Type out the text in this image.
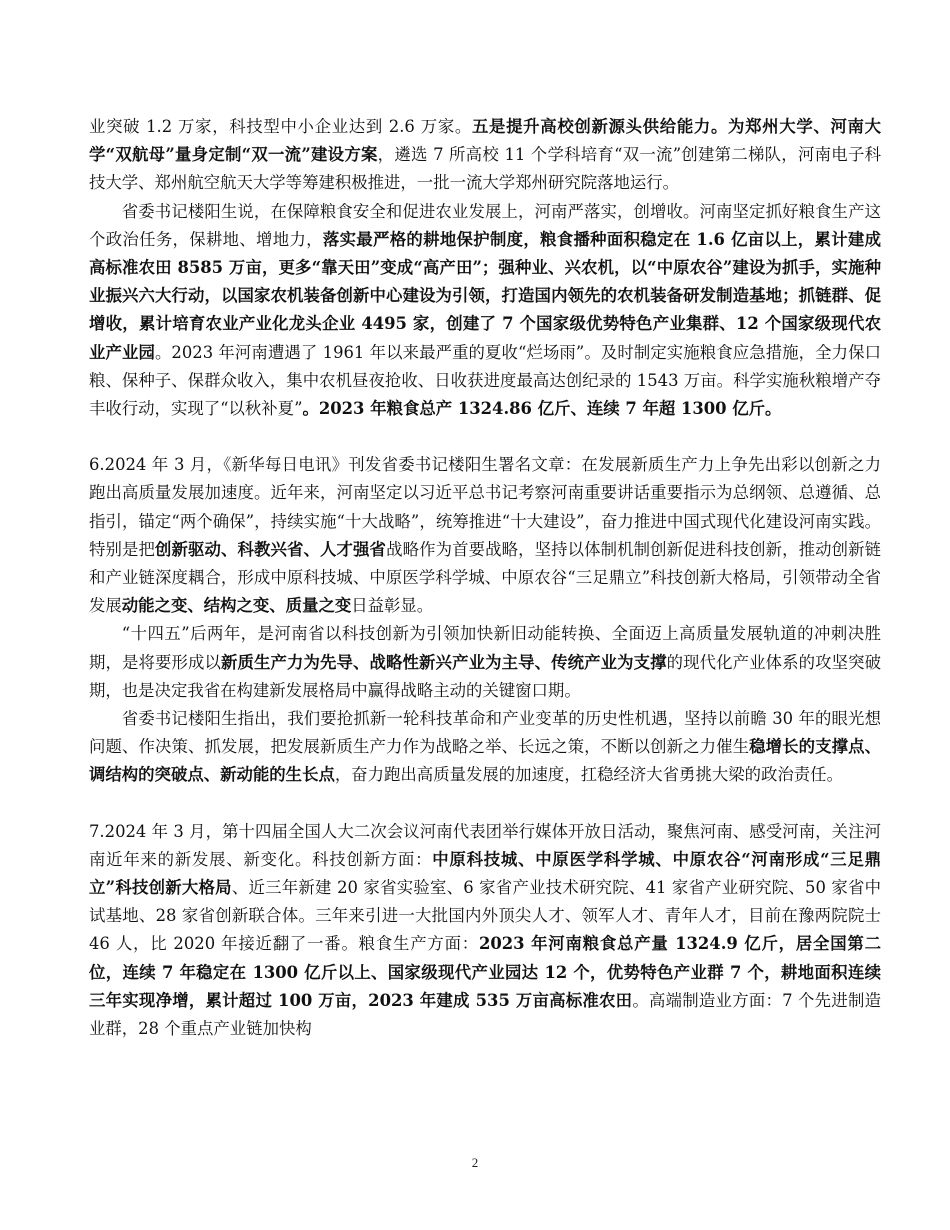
业突破 1.2 万家，科技型中小企业达到 2.6 万家。五是提升高校创新源头供给能力。为郑州大学、河南大学“双航母”量身定制“双一流”建设方案，遴选 7 所高校 11 个学科培育“双一流”创建第二梯队，河南电子科技大学、郑州航空航天大学等筹建积极推进，一批一流大学郑州研究院落地运行。

省委书记楼阳生说，在保障粮食安全和促进农业发展上，河南严落实，创增收。河南坚定抓好粮食生产这个政治任务，保耕地、增地力，落实最严格的耕地保护制度，粮食播种面积稳定在 1.6 亿亩以上，累计建成高标准农田 8585 万亩，更多“靠天田”变成“高产田”；强种业、兴农机，以“中原农谷”建设为抓手，实施种业振兴六大行动，以国家农机装备创新中心建设为引领，打造国内领先的农机装备研发制造基地；抓链群、促增收，累计培育农业产业化龙头企业 4495 家，创建了 7 个国家级优势特色产业集群、12 个国家级现代农业产业园。2023 年河南遭遇了 1961 年以来最严重的夏收“烂场雨”。及时制定实施粮食应急措施，全力保口粮、保种子、保群众收入，集中农机昼夜抢收、日收获进度最高达创纪录的 1543 万亩。科学实施秋粮增产夺丰收行动，实现了“以秋补夏”。2023 年粮食总产 1324.86 亿斤、连续 7 年超 1300 亿斤。

6.2024 年 3 月，《新华每日电讯》刊发省委书记楼阳生署名文章：在发展新质生产力上争先出彩以创新之力跑出高质量发展加速度。近年来，河南坚定以习近平总书记考察河南重要讲话重要指示为总纲领、总遵循、总指引，锚定“两个确保”，持续实施“十大战略”，统筹推进“十大建设”，奋力推进中国式现代化建设河南实践。特别是把创新驱动、科教兴省、人才强省战略作为首要战略，坚持以体制机制创新促进科技创新，推动创新链和产业链深度耦合，形成中原科技城、中原医学科学城、中原农谷“三足鼎立”科技创新大格局，引领带动全省发展动能之变、结构之变、质量之变日益彰显。

“十四五”后两年，是河南省以科技创新为引领加快新旧动能转换、全面迈上高质量发展轨道的冲刺决胜期，是将要形成以新质生产力为先导、战略性新兴产业为主导、传统产业为支撑的现代化产业体系的攻坚突破期，也是决定我省在构建新发展格局中赢得战略主动的关键窗口期。

省委书记楼阳生指出，我们要抢抓新一轮科技革命和产业变革的历史性机遇，坚持以前瞻 30 年的眼光想问题、作决策、抓发展，把发展新质生产力作为战略之举、长远之策，不断以创新之力催生稳增长的支撑点、调结构的突破点、新动能的生长点，奋力跑出高质量发展的加速度，扛稳经济大省勇挑大梁的政治责任。

7.2024 年 3 月，第十四届全国人大二次会议河南代表团举行媒体开放日活动，聚焦河南、感受河南，关注河南近年来的新发展、新变化。科技创新方面：中原科技城、中原医学科学城、中原农谷“河南形成“三足鼎立”科技创新大格局、近三年新建 20 家省实验室、6 家省产业技术研究院、41 家省产业研究院、50 家省中试基地、28 家省创新联合体。三年来引进一大批国内外顶尖人才、领军人才、青年人才，目前在豫两院院士 46 人，比 2020 年接近翻了一番。粮食生产方面：2023 年河南粮食总产量 1324.9 亿斤，居全国第二位，连续 7 年稳定在 1300 亿斤以上、国家级现代产业园达 12 个，优势特色产业群 7 个，耕地面积连续三年实现净增，累计超过 100 万亩，2023 年建成 535 万亩高标准农田。高端制造业方面：7 个先进制造业群，28 个重点产业链加快构

2
